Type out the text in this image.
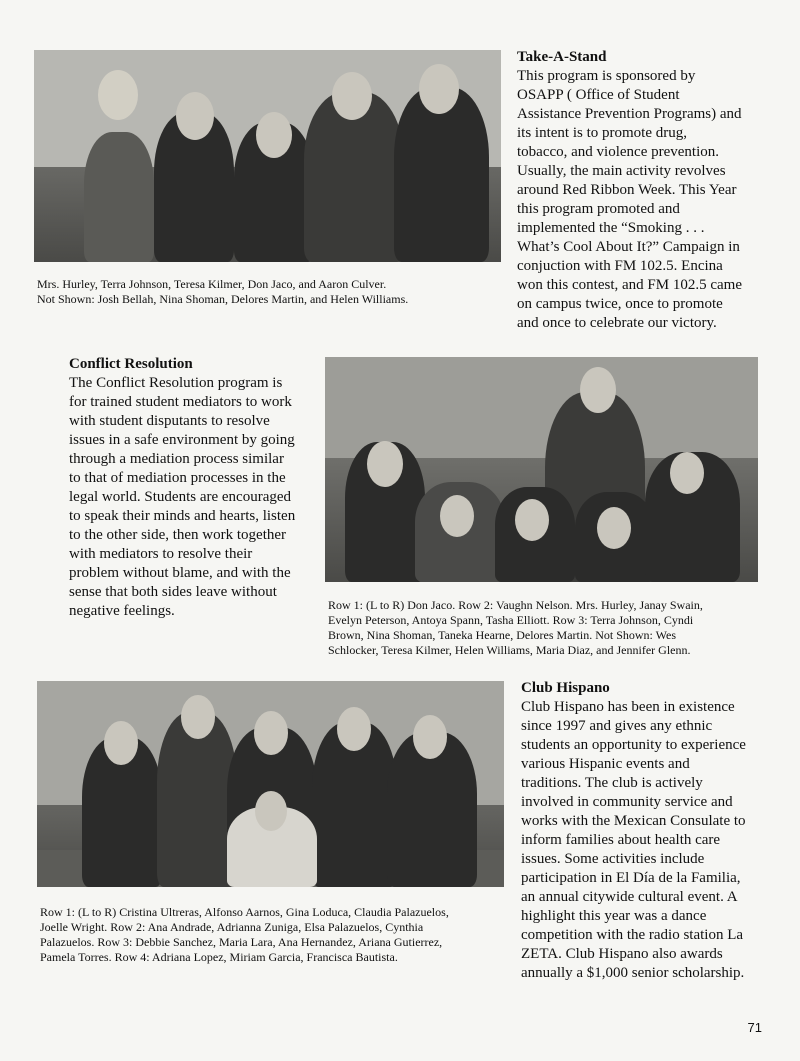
Mrs. Hurley, Terra Johnson, Teresa Kilmer, Don Jaco, and Aaron Culver.
Not Shown: Josh Bellah, Nina Shoman, Delores Martin, and Helen Williams.

Take-A-Stand

This program is sponsored by
OSAPP ( Office of Student
Assistance Prevention Programs) and
its intent is to promote drug,
tobacco, and violence prevention.
Usually, the main activity revolves
around Red Ribbon Week. This Year
this program promoted and
implemented the “Smoking . . .
What’s Cool About It?” Campaign in
conjuction with FM 102.5. Encina
won this contest, and FM 102.5 came
on campus twice, once to promote
and once to celebrate our victory.

Conflict Resolution

The Conflict Resolution program is
for trained student mediators to work
with student disputants to resolve
issues in a safe environment by going
through a mediation process similar
to that of mediation processes in the
legal world. Students are encouraged
to speak their minds and hearts, listen
to the other side, then work together
with mediators to resolve their
problem without blame, and with the
sense that both sides leave without
negative feelings.	Row 1: (L to R) Don Jaco. Row 2: Vaughn Nelson. Mrs. Hurley, Janay Swain,
Evelyn Peterson, Antoya Spann, Tasha Elliott. Row 3: Terra Johnson, Cyndi
Brown, Nina Shoman, Taneka Hearne, Delores Martin. Not Shown: Wes
Schlocker, Teresa Kilmer, Helen Williams, Maria Diaz, and Jennifer Glenn.

Row 1: (L to R) Cristina Ultreras, Alfonso Aarnos, Gina Loduca, Claudia Palazuelos,
Joelle Wright. Row 2: Ana Andrade, Adrianna Zuniga, Elsa Palazuelos, Cynthia
Palazuelos. Row 3: Debbie Sanchez, Maria Lara, Ana Hernandez, Ariana Gutierrez,
Pamela Torres. Row 4: Adriana Lopez, Miriam Garcia, Francisca Bautista.

Club Hispano

Club Hispano has been in existence
since 1997 and gives any ethnic
students an opportunity to experience
various Hispanic events and
traditions. The club is actively
involved in community service and
works with the Mexican Consulate to
inform families about health care
issues. Some activities include
participation in El Día de la Familia,
an annual citywide cultural event. A
highlight this year was a dance
competition with the radio station La
ZETA. Club Hispano also awards
annually a $1,000 senior scholarship.

71
